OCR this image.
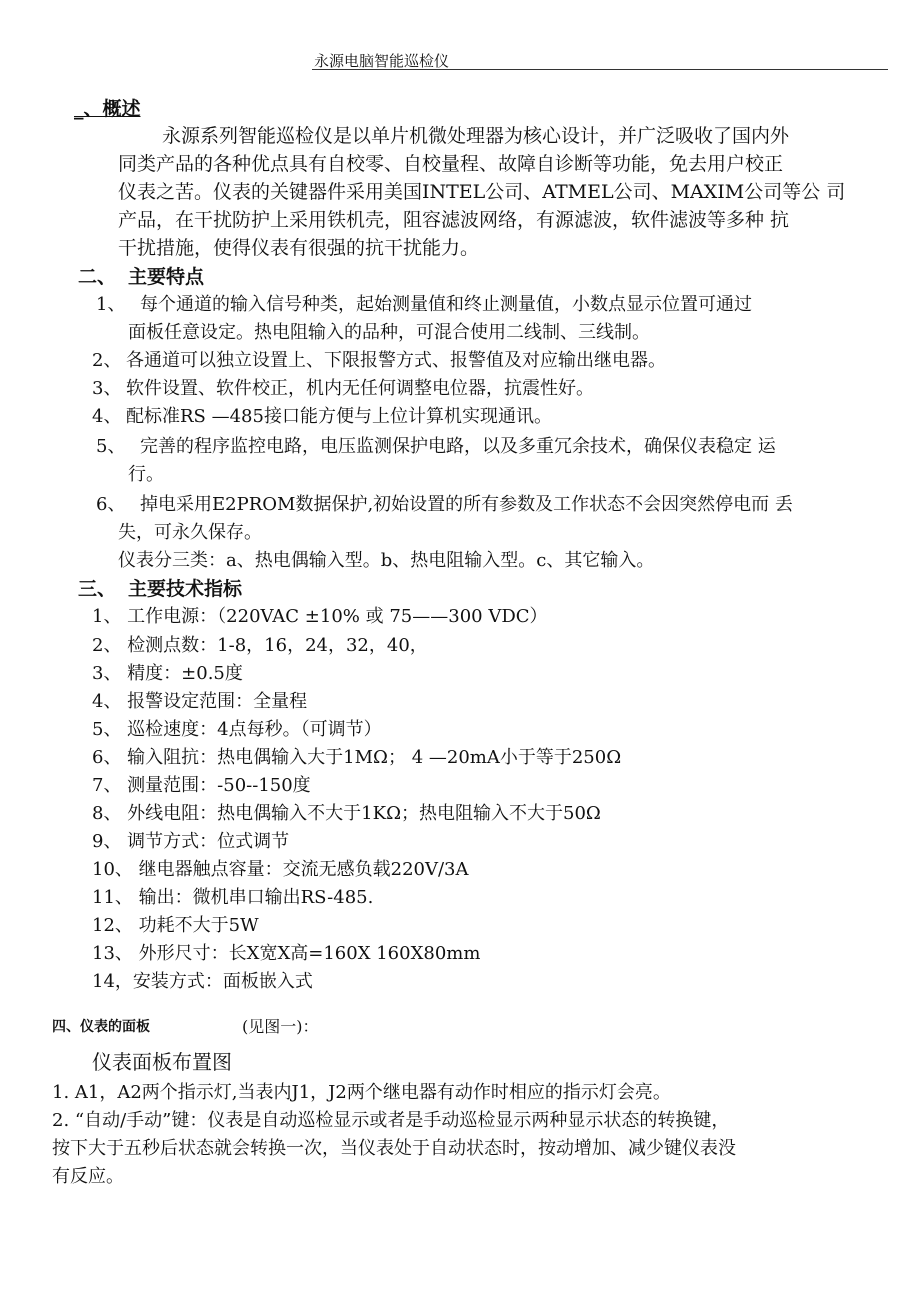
永源电脑智能巡检仪
_、概述
永源系列智能巡检仪是以单片机微处理器为核心设计，并广泛吸收了国内外
同类产品的各种优点具有自校零、自校量程、故障自诊断等功能，免去用户校正
仪表之苦。仪表的关键器件采用美国INTEL公司、ATMEL公司、MAXIM公司等公 司
产品，在干扰防护上采用铁机壳，阻容滤波网络，有源滤波，软件滤波等多种 抗
干扰措施，使得仪表有很强的抗干扰能力。
二、 主要特点
1、 每个通道的输入信号种类，起始测量值和终止测量值，小数点显示位置可通过
面板任意设定。热电阻输入的品种，可混合使用二线制、三线制。
2、 各通道可以独立设置上、下限报警方式、报警值及对应输出继电器。
3、 软件设置、软件校正，机内无任何调整电位器，抗震性好。
4、 配标准RS —485接口能方便与上位计算机实现通讯。
5、 完善的程序监控电路，电压监测保护电路，以及多重冗余技术，确保仪表稳定 运
行。
6、 掉电采用E2PROM数据保护,初始设置的所有参数及工作状态不会因突然停电而 丢
失，可永久保存。
仪表分三类：a、热电偶输入型。b、热电阻输入型。c、其它输入。
三、 主要技术指标
1、 工作电源：（220VAC ±10% 或 75——300 VDC）
2、 检测点数：1-8，16，24，32，40，
3、 精度：±0.5度
4、 报警设定范围：全量程
5、 巡检速度：4点每秒。（可调节）
6、 输入阻抗：热电偶输入大于1MΩ； 4 —20mA小于等于250Ω
7、 测量范围：-50--150度
8、 外线电阻：热电偶输入不大于1KΩ；热电阻输入不大于50Ω
9、 调节方式：位式调节
10、 继电器触点容量：交流无感负载220V/3A
11、 输出：微机串口输出RS-485.
12、 功耗不大于5W
13、 外形尺寸：长X宽X高=160X 160X80mm
14，安装方式：面板嵌入式
四、仪表的面板	(见图一)：
仪表面板布置图
1. A1，A2两个指示灯,当表内J1，J2两个继电器有动作时相应的指示灯会亮。
2. “自动/手动”键：仪表是自动巡检显示或者是手动巡检显示两种显示状态的转换键，
按下大于五秒后状态就会转换一次，当仪表处于自动状态时，按动增加、减少键仪表没
有反应。
